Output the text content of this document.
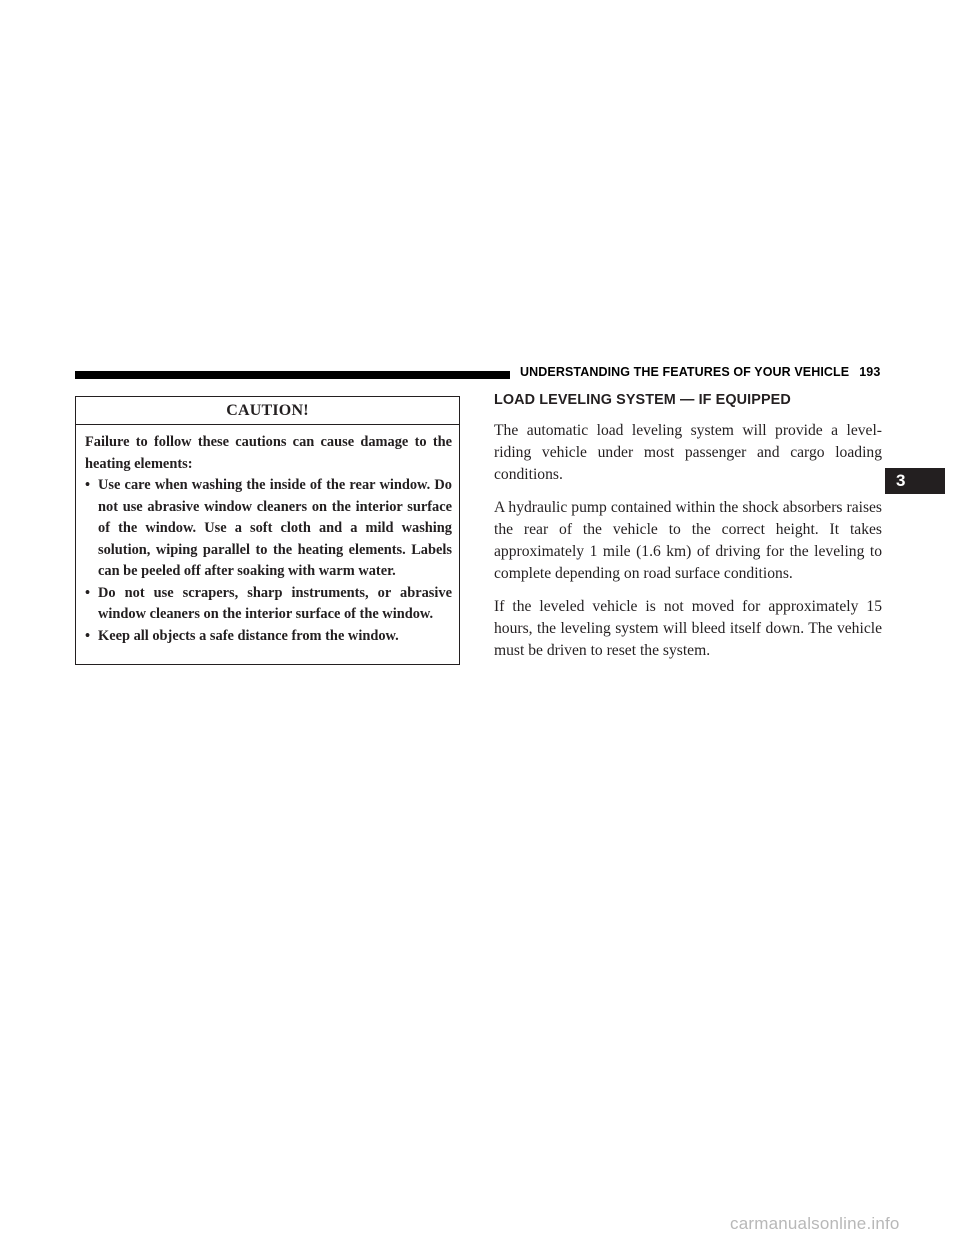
UNDERSTANDING THE FEATURES OF YOUR VEHICLE 193
CAUTION!

Failure to follow these cautions can cause damage to the heating elements:

• Use care when washing the inside of the rear window. Do not use abrasive window cleaners on the interior surface of the window. Use a soft cloth and a mild washing solution, wiping parallel to the heating elements. Labels can be peeled off after soaking with warm water.
• Do not use scrapers, sharp instruments, or abrasive window cleaners on the interior surface of the window.
• Keep all objects a safe distance from the window.
LOAD LEVELING SYSTEM — IF EQUIPPED

The automatic load leveling system will provide a level-riding vehicle under most passenger and cargo loading conditions.

A hydraulic pump contained within the shock absorbers raises the rear of the vehicle to the correct height. It takes approximately 1 mile (1.6 km) of driving for the leveling to complete depending on road surface conditions.

If the leveled vehicle is not moved for approximately 15 hours, the leveling system will bleed itself down. The vehicle must be driven to reset the system.

3
carmanualsonline.info
